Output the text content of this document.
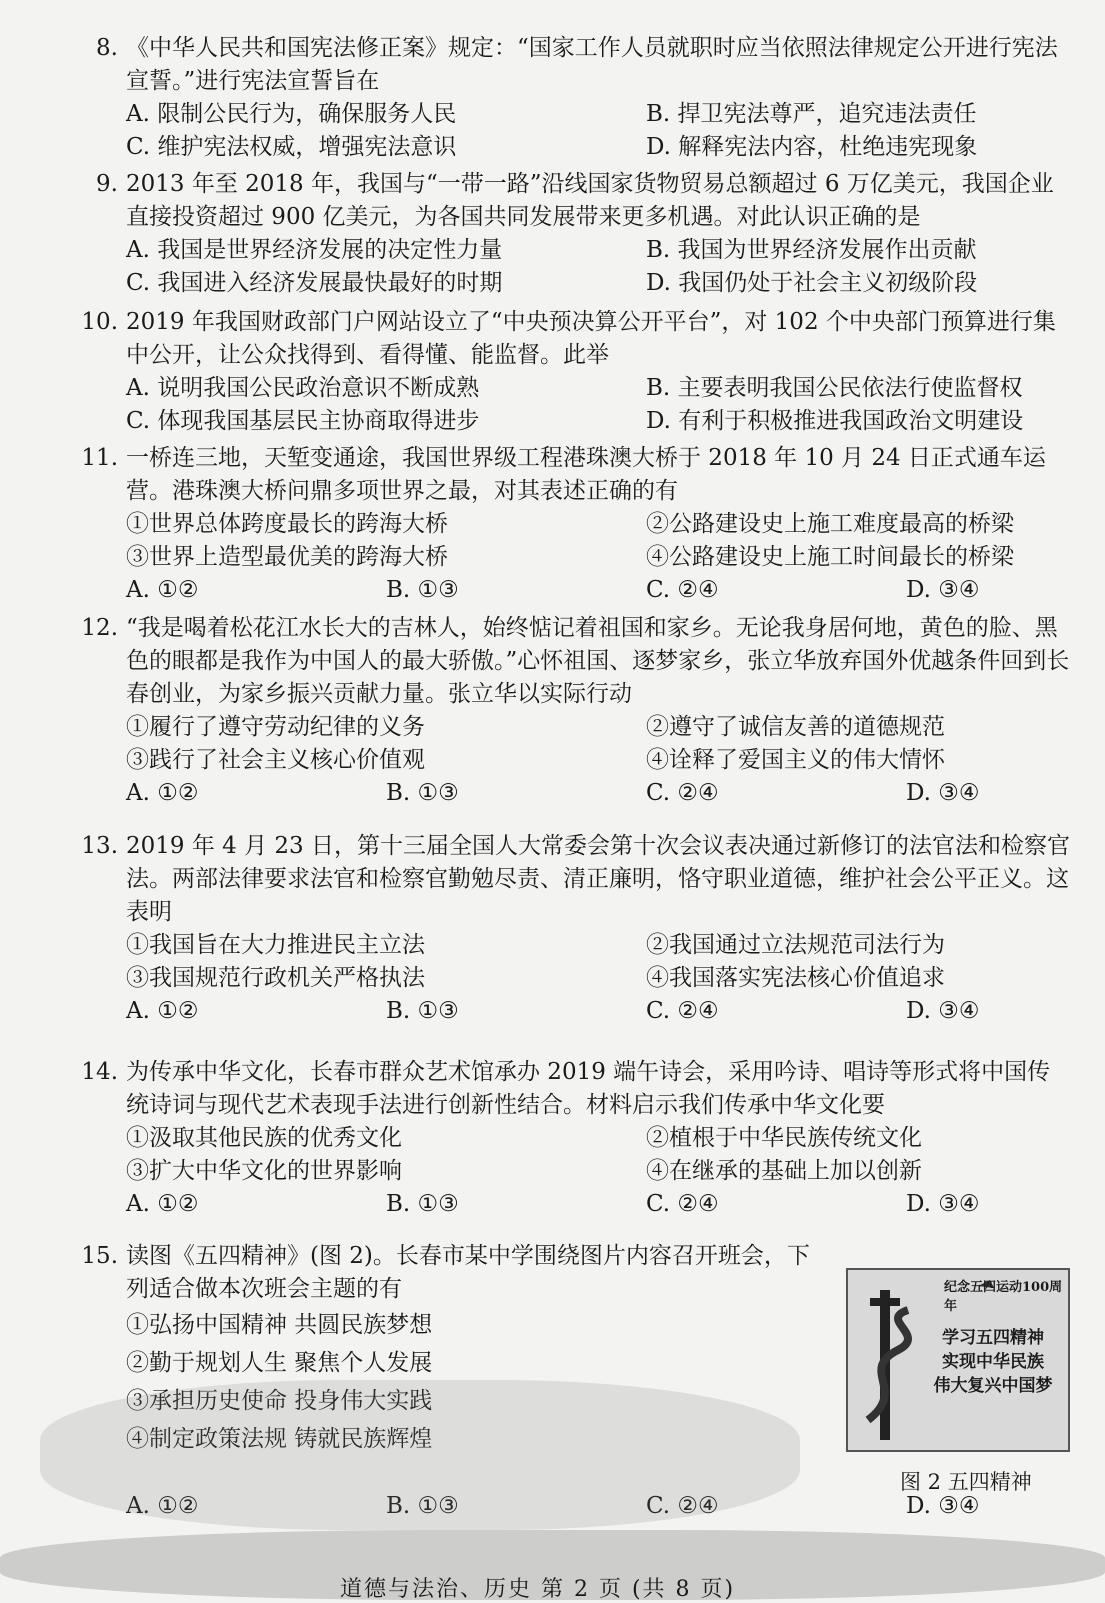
8. 《中华人民共和国宪法修正案》规定：“国家工作人员就职时应当依照法律规定公开进行宪法宣誓。”进行宪法宣誓旨在
A. 限制公民行为，确保服务人民	B. 捍卫宪法尊严，追究违法责任
C. 维护宪法权威，增强宪法意识	D. 解释宪法内容，杜绝违宪现象
9. 2013 年至 2018 年，我国与“一带一路”沿线国家货物贸易总额超过 6 万亿美元，我国企业直接投资超过 900 亿美元，为各国共同发展带来更多机遇。对此认识正确的是
A. 我国是世界经济发展的决定性力量	B. 我国为世界经济发展作出贡献
C. 我国进入经济发展最快最好的时期	D. 我国仍处于社会主义初级阶段
10. 2019 年我国财政部门户网站设立了“中央预决算公开平台”，对 102 个中央部门预算进行集中公开，让公众找得到、看得懂、能监督。此举
A. 说明我国公民政治意识不断成熟	B. 主要表明我国公民依法行使监督权
C. 体现我国基层民主协商取得进步	D. 有利于积极推进我国政治文明建设
11. 一桥连三地，天堑变通途，我国世界级工程港珠澳大桥于 2018 年 10 月 24 日正式通车运营。港珠澳大桥问鼎多项世界之最，对其表述正确的有
①世界总体跨度最长的跨海大桥	②公路建设史上施工难度最高的桥梁
③世界上造型最优美的跨海大桥	④公路建设史上施工时间最长的桥梁
A. ①②	B. ①③	C. ②④	D. ③④
12. “我是喝着松花江水长大的吉林人，始终惦记着祖国和家乡。无论我身居何地，黄色的脸、黑色的眼都是我作为中国人的最大骄傲。”心怀祖国、逐梦家乡，张立华放弃国外优越条件回到长春创业，为家乡振兴贡献力量。张立华以实际行动
①履行了遵守劳动纪律的义务	②遵守了诚信友善的道德规范
③践行了社会主义核心价值观	④诠释了爱国主义的伟大情怀
A. ①②	B. ①③	C. ②④	D. ③④
13. 2019 年 4 月 23 日，第十三届全国人大常委会第十次会议表决通过新修订的法官法和检察官法。两部法律要求法官和检察官勤勉尽责、清正廉明，恪守职业道德，维护社会公平正义。这表明
①我国旨在大力推进民主立法	②我国通过立法规范司法行为
③我国规范行政机关严格执法	④我国落实宪法核心价值追求
A. ①②	B. ①③	C. ②④	D. ③④
14. 为传承中华文化，长春市群众艺术馆承办 2019 端午诗会，采用吟诗、唱诗等形式将中国传统诗词与现代艺术表现手法进行创新性结合。材料启示我们传承中华文化要
①汲取其他民族的优秀文化	②植根于中华民族传统文化
③扩大中华文化的世界影响	④在继承的基础上加以创新
A. ①②	B. ①③	C. ②④	D. ③④
15. 读图《五四精神》(图 2)。长春市某中学围绕图片内容召开班会，下列适合做本次班会主题的有
①弘扬中国精神 共圆民族梦想
②勤于规划人生 聚焦个人发展
③承担历史使命 投身伟大实践
④制定政策法规 铸就民族辉煌
A. ①②	B. ①③	C. ②④	D. ③④
纪念五四运动100周年
学习五四精神
实现中华民族
伟大复兴中国梦
图 2 五四精神
道德与法治、历史 第 2 页 (共 8 页)
